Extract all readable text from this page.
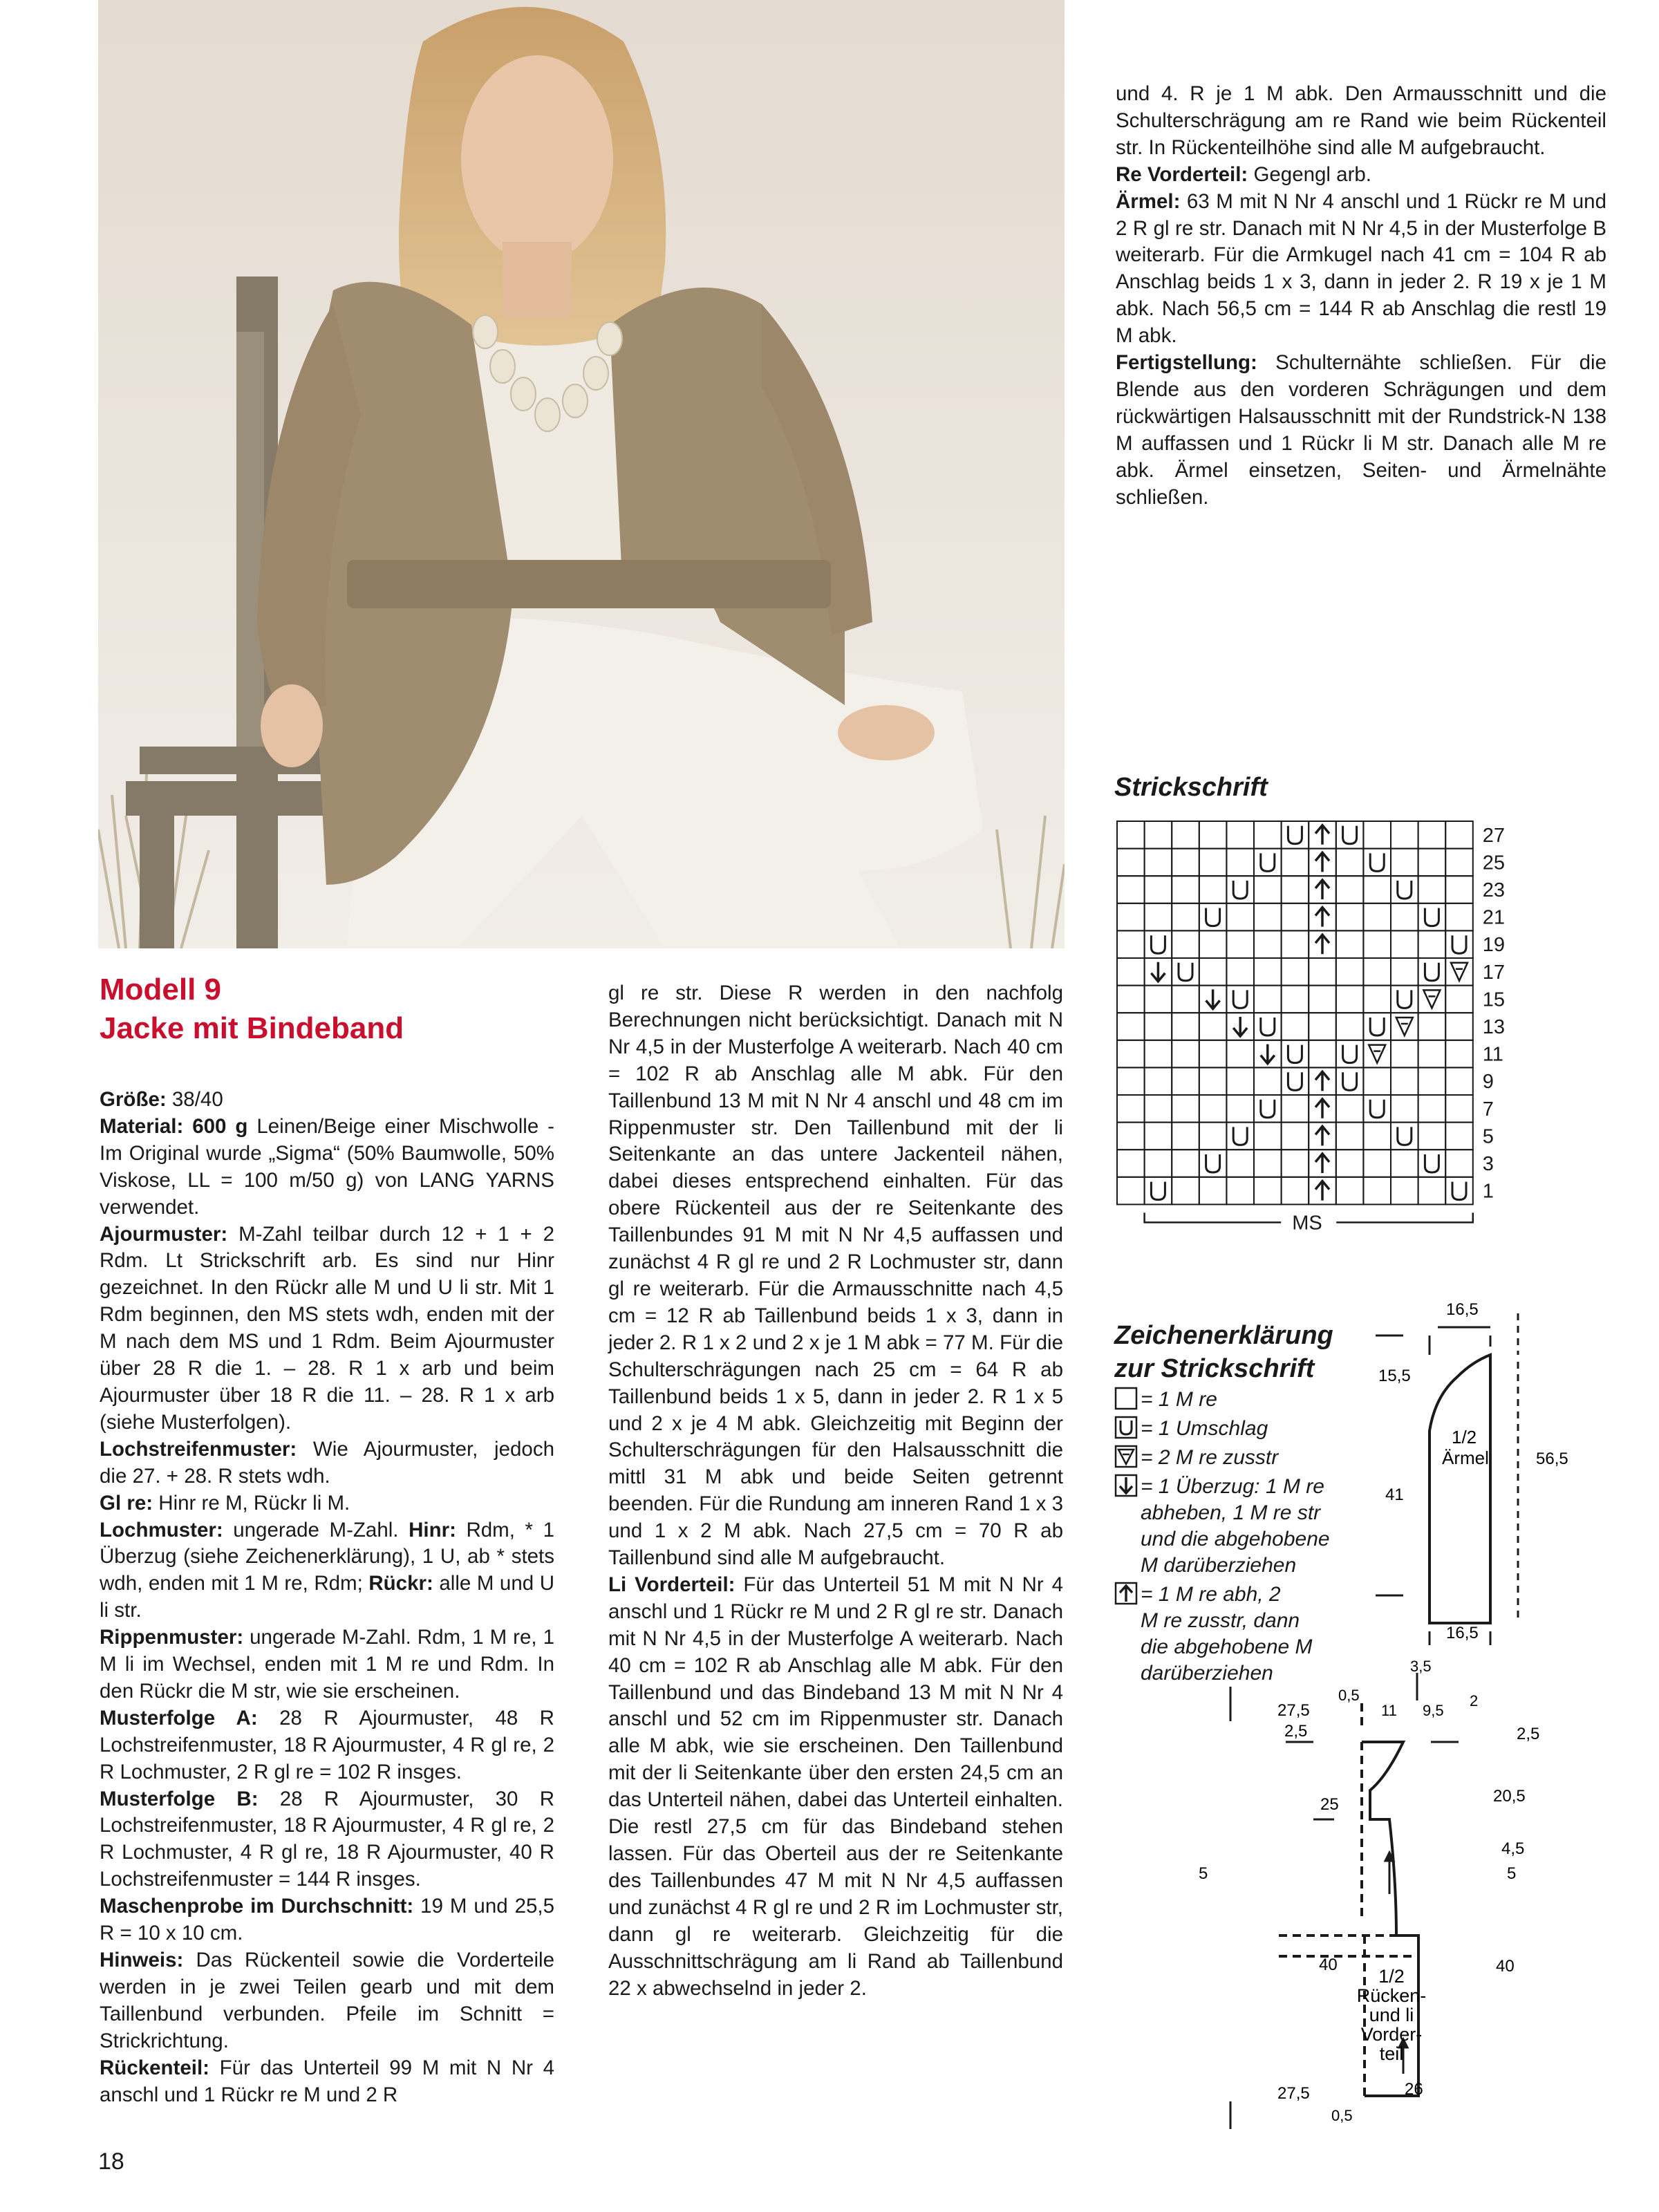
und 4. R je 1 M abk. Den Armausschnitt und die Schulterschrägung am re Rand wie beim Rückenteil str. In Rückenteilhöhe sind alle M aufgebraucht.

Re Vorderteil: Gegengl arb.

Ärmel: 63 M mit N Nr 4 anschl und 1 Rückr re M und 2 R gl re str. Danach mit N Nr 4,5 in der Musterfolge B weiterarb. Für die Armkugel nach 41 cm = 104 R ab Anschlag beids 1 x 3, dann in jeder 2. R 19 x je 1 M abk. Nach 56,5 cm = 144 R ab Anschlag die restl 19 M abk.

Fertigstellung: Schulternähte schließen. Für die Blende aus den vorderen Schrägungen und dem rückwärtigen Halsausschnitt mit der Rundstrick-N 138 M auffassen und 1 Rückr li M str. Danach alle M re abk. Ärmel einsetzen, Seiten- und Ärmelnähte schließen.

Strickschrift
27
25
23
21
19
17
15
13
11
9
7
5
3
1
MS
Zeichenerklärung
zur Strickschrift
= 1 M re
= 1 Umschlag
= 2 M re zusstr
= 1 Überzug: 1 M re
abheben, 1 M re str
und die abgehobene
M darüberziehen
= 1 M re abh, 2
M re zusstr, dann
die abgehobene M
darüberziehen
16,5
15,5
41
56,5
16,5
1/2
Ärmel
0,5
3,5
27,5	11 9,5
2
2,5	2,5
20,5
25
4,5
5
5
40	40
27,5	26
0,5
1/2
Rücken-
und li
Vorder-
teil
Modell 9
Jacke mit Bindeband

Größe: 38/40

Material: 600 g Leinen/Beige einer Mischwolle - Im Original wurde „Sigma“ (50% Baumwolle, 50% Viskose, LL = 100 m/50 g) von LANG YARNS verwendet.

Ajourmuster: M-Zahl teilbar durch 12 + 1 + 2 Rdm. Lt Strickschrift arb. Es sind nur Hinr gezeichnet. In den Rückr alle M und U li str. Mit 1 Rdm beginnen, den MS stets wdh, enden mit der M nach dem MS und 1 Rdm. Beim Ajourmuster über 28 R die 1. – 28. R 1 x arb und beim Ajourmuster über 18 R die 11. – 28. R 1 x arb (siehe Musterfolgen).

Lochstreifenmuster: Wie Ajourmuster, jedoch die 27. + 28. R stets wdh.

Gl re: Hinr re M, Rückr li M.

Lochmuster: ungerade M-Zahl. Hinr: Rdm, * 1 Überzug (siehe Zeichenerklärung), 1 U, ab * stets wdh, enden mit 1 M re, Rdm; Rückr: alle M und U li str.

Rippenmuster: ungerade M-Zahl. Rdm, 1 M re, 1 M li im Wechsel, enden mit 1 M re und Rdm. In den Rückr die M str, wie sie erscheinen.

Musterfolge A: 28 R Ajourmuster, 48 R Lochstreifenmuster, 18 R Ajourmuster, 4 R gl re, 2 R Lochmuster, 2 R gl re = 102 R insges.

Musterfolge B: 28 R Ajourmuster, 30 R Lochstreifenmuster, 18 R Ajourmuster, 4 R gl re, 2 R Lochmuster, 4 R gl re, 18 R Ajourmuster, 40 R Lochstreifenmuster = 144 R insges.

Maschenprobe im Durchschnitt: 19 M und 25,5 R = 10 x 10 cm.

Hinweis: Das Rückenteil sowie die Vorderteile werden in je zwei Teilen gearb und mit dem Taillenbund verbunden. Pfeile im Schnitt = Strickrichtung.

Rückenteil: Für das Unterteil 99 M mit N Nr 4 anschl und 1 Rückr re M und 2 R

gl re str. Diese R werden in den nachfolg Berechnungen nicht berücksichtigt. Danach mit N Nr 4,5 in der Musterfolge A weiterarb. Nach 40 cm = 102 R ab Anschlag alle M abk. Für den Taillenbund 13 M mit N Nr 4 anschl und 48 cm im Rippenmuster str. Den Taillenbund mit der li Seitenkante an das untere Jackenteil nähen, dabei dieses entsprechend einhalten. Für das obere Rückenteil aus der re Seitenkante des Taillenbundes 91 M mit N Nr 4,5 auffassen und zunächst 4 R gl re und 2 R Lochmuster str, dann gl re weiterarb. Für die Armausschnitte nach 4,5 cm = 12 R ab Taillenbund beids 1 x 3, dann in jeder 2. R 1 x 2 und 2 x je 1 M abk = 77 M. Für die Schulterschrägungen nach 25 cm = 64 R ab Taillenbund beids 1 x 5, dann in jeder 2. R 1 x 5 und 2 x je 4 M abk. Gleichzeitig mit Beginn der Schulterschrägungen für den Halsausschnitt die mittl 31 M abk und beide Seiten getrennt beenden. Für die Rundung am inneren Rand 1 x 3 und 1 x 2 M abk. Nach 27,5 cm = 70 R ab Taillenbund sind alle M aufgebraucht.

Li Vorderteil: Für das Unterteil 51 M mit N Nr 4 anschl und 1 Rückr re M und 2 R gl re str. Danach mit N Nr 4,5 in der Musterfolge A weiterarb. Nach 40 cm = 102 R ab Anschlag alle M abk. Für den Taillenbund und das Bindeband 13 M mit N Nr 4 anschl und 52 cm im Rippenmuster str. Danach alle M abk, wie sie erscheinen. Den Taillenbund mit der li Seitenkante über den ersten 24,5 cm an das Unterteil nähen, dabei das Unterteil einhalten. Die restl 27,5 cm für das Bindeband stehen lassen. Für das Oberteil aus der re Seitenkante des Taillenbundes 47 M mit N Nr 4,5 auffassen und zunächst 4 R gl re und 2 R im Lochmuster str, dann gl re weiterarb. Gleichzeitig für die Ausschnittschrägung am li Rand ab Taillenbund 22 x abwechselnd in jeder 2.

18
